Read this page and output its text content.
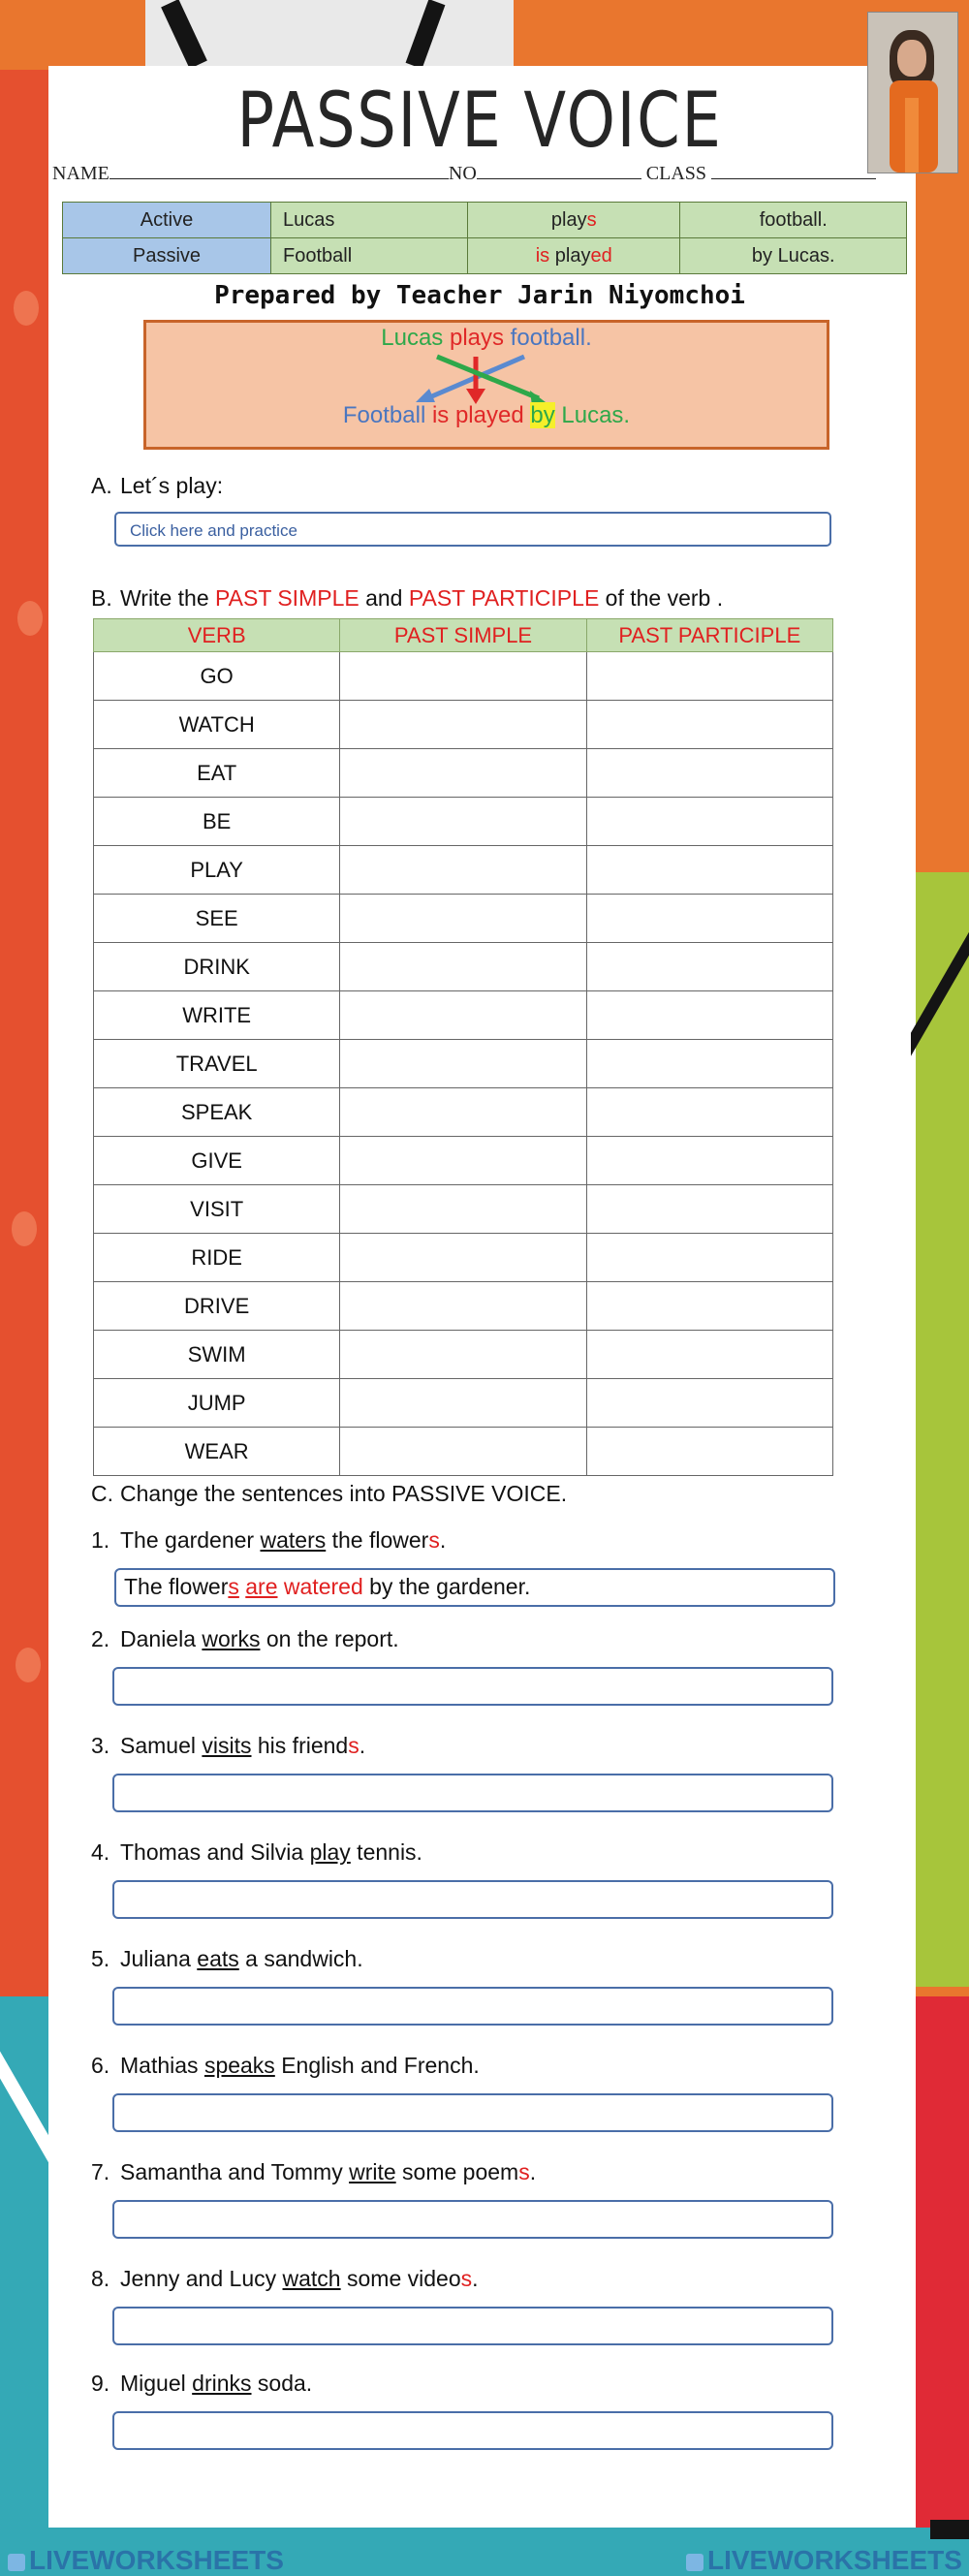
PASSIVE VOICE
NAME	NO	CLASS
Active	Lucas	plays	football.
Passive	Football	is played	by Lucas.
Prepared by Teacher Jarin Niyomchoi
Lucas plays football.
Football is played by Lucas.
A. Let´s play:
Click here and practice
B. Write the PAST SIMPLE and PAST PARTICIPLE of the verb .
VERB	PAST SIMPLE	PAST PARTICIPLE
GO		
WATCH		
EAT		
BE		
PLAY		
SEE		
DRINK		
WRITE		
TRAVEL		
SPEAK		
GIVE		
VISIT		
RIDE		
DRIVE		
SWIM		
JUMP		
WEAR		
C. Change the sentences into PASSIVE VOICE.
1. The gardener waters the flowers.
The flowers are watered by the gardener.
2. Daniela works on the report.
3. Samuel visits his friends.
4. Thomas and Silvia play tennis.
5. Juliana eats a sandwich.
6. Mathias speaks English and French.
7. Samantha and Tommy write some poems.
8. Jenny and Lucy watch some videos.
9. Miguel drinks soda.
LIVEWORKSHEETS	LIVEWORKSHEETS
